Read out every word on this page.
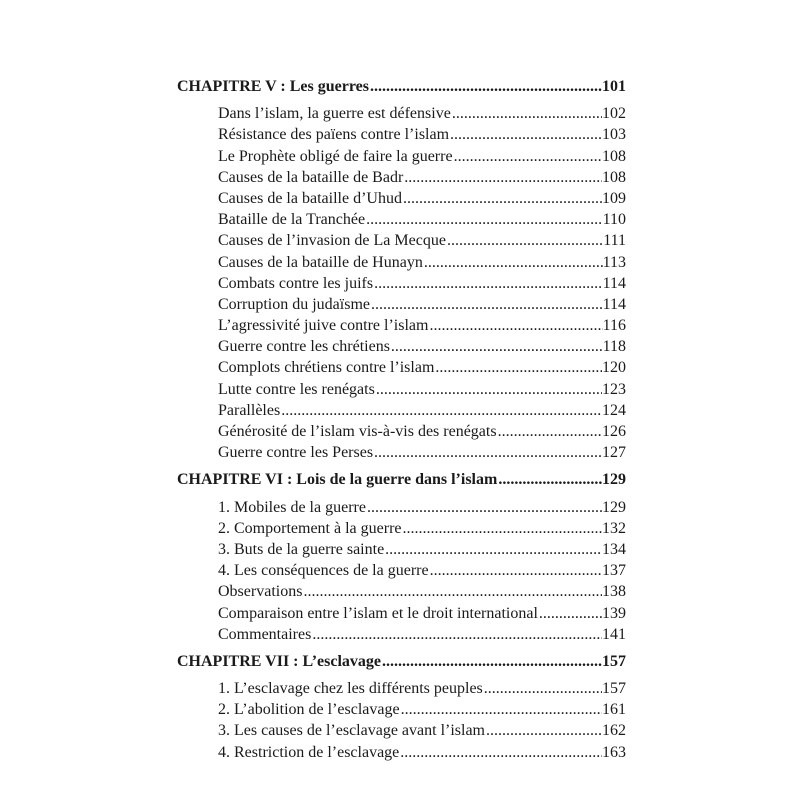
CHAPITRE V : Les guerres .....	101
Dans l’islam, la guerre est défensive .....	102
Résistance des païens contre l’islam .....	103
Le Prophète obligé de faire la guerre .....	108
Causes de la bataille de Badr .....	108
Causes de la bataille d’Uhud .....	109
Bataille de la Tranchée .....	110
Causes de l’invasion de La Mecque .....	111
Causes de la bataille de Hunayn .....	113
Combats contre les juifs .....	114
Corruption du judaïsme .....	114
L’agressivité juive contre l’islam .....	116
Guerre contre les chrétiens .....	118
Complots chrétiens contre l’islam .....	120
Lutte contre les renégats .....	123
Parallèles .....	124
Générosité de l’islam vis-à-vis des renégats .....	126
Guerre contre les Perses .....	127
CHAPITRE VI : Lois de la guerre dans l’islam .....	129
1. Mobiles de la guerre .....	129
2. Comportement à la guerre .....	132
3. Buts de la guerre sainte .....	134
4. Les conséquences de la guerre .....	137
Observations .....	138
Comparaison entre l’islam et le droit international .....	139
Commentaires .....	141
CHAPITRE VII : L’esclavage .....	157
1. L’esclavage chez les différents peuples .....	157
2. L’abolition de l’esclavage .....	161
3. Les causes de l’esclavage avant l’islam .....	162
4. Restriction de l’esclavage .....	163
